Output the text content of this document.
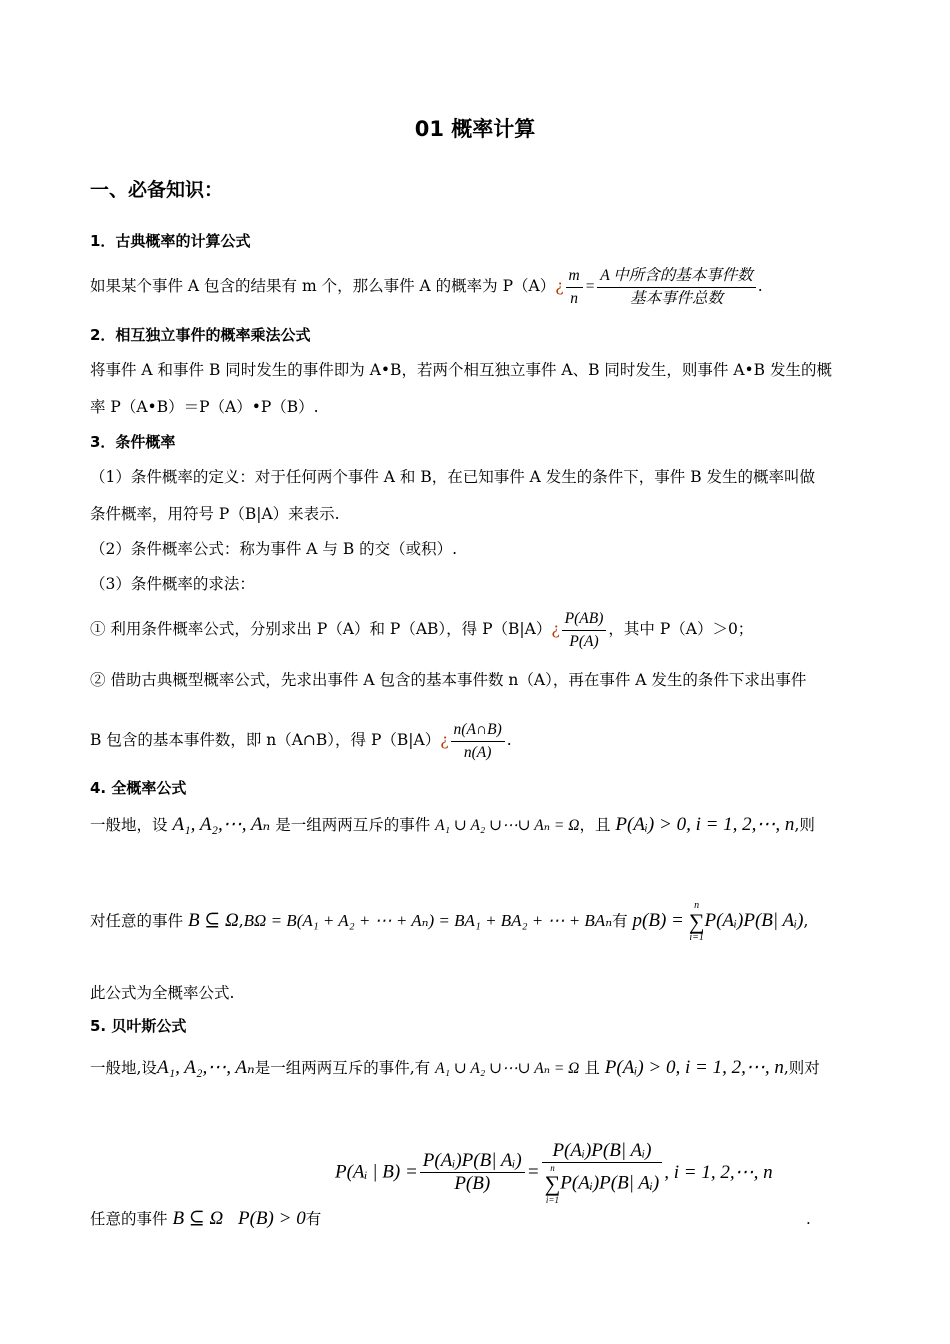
01 概率计算
一、必备知识：
1．古典概率的计算公式
如果某个事件 A 包含的结果有 m 个，那么事件 A 的概率为 P（A）¿ $\frac{m}{n} = \frac{\text{A 中所含的基本事件数}}{\text{基本事件总数}}$ .
2．相互独立事件的概率乘法公式
将事件 A 和事件 B 同时发生的事件即为 A•B，若两个相互独立事件 A、B 同时发生，则事件 A•B 发生的概
率 P（A•B）＝P（A）•P（B）.
3．条件概率
（1）条件概率的定义：对于任何两个事件 A 和 B，在已知事件 A 发生的条件下，事件 B 发生的概率叫做
条件概率，用符号 P（B|A）来表示.
（2）条件概率公式：称为事件 A 与 B 的交（或积）.
（3）条件概率的求法：
① 利用条件概率公式，分别求出 P（A）和 P（AB），得 P（B|A）¿ $\frac{P(AB)}{P(A)}$ ，其中 P（A）＞0；
② 借助古典概型概率公式，先求出事件 A 包含的基本事件数 n（A），再在事件 A 发生的条件下求出事件
B 包含的基本事件数，即 n（A∩B），得 P（B|A）¿ $\frac{n(A\cap B)}{n(A)}$ .
4. 全概率公式
一般地，设 A₁, A₂,⋯, Aₙ 是一组两两互斥的事件 A₁ ∪ A₂ ∪⋯∪ Aₙ = Ω，且 P(Aᵢ) > 0, i = 1, 2,⋯, n,则
对任意的事件 B ⊆ Ω,BΩ = B(A₁ + A₂ + ⋯ + Aₙ) = BA₁ + BA₂ + ⋯ + BAₙ有 p(B) = n
∑
i=1P(Aᵢ)P(B| Aᵢ),
此公式为全概率公式.
5. 贝叶斯公式
一般地,设A₁, A₂,⋯, Aₙ是一组两两互斥的事件,有 A₁ ∪ A₂ ∪⋯∪ Aₙ = Ω 且 P(Aᵢ) > 0, i = 1, 2,⋯, n,则对
P(Aᵢ | $B) = \frac{\text{P(Aᵢ)P(B| Aᵢ)}}{P(B)}$ = P(Aᵢ)P(B| Aᵢ)
n
∑
i=1P(Aᵢ)P(B| Aᵢ) , i = 1, 2,⋯, n
任意的事件 B ⊆ Ω P(B) > 0有	.
